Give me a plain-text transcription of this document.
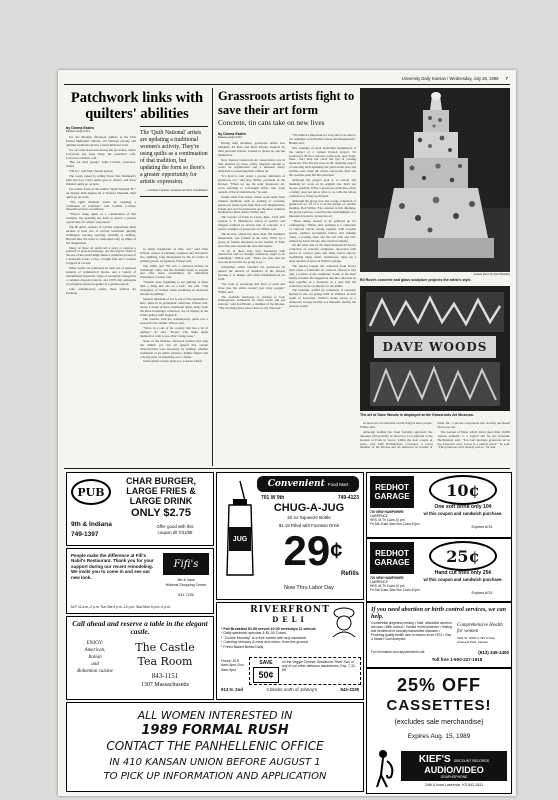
University Daily Kansan / Wednesday, July 26, 1989 7
Patchwork links with quilters' abilities
by Donna Eades
Kansan staff writer

For the Monday afternoon quilters at the First United Methodist Church, old Vermont piecing and quilting traditions survive a small Midwest town.

For all come down and discuss the procedure, where everybody has been lately, the preacher's wife, Lawrence resident, said.

"But we don't gossip," Edna Carlson, Lawrence, added.

"Oh no," said Mary Sutton agreed.

The rosary raised by selling Texas Star, Drunkard's Path and Log Cabin quilts goes to charity, and these finished quilts go on beds.

For textile artists of the exhibit "Quilt National '87," on display until August 20 at Spencer Museum, their quilts go on walls.

"The Quilt National artists are updating a continuum of tradition," said Cynthia Carlson, museum services coordinator.

"They're using quilts as a continuation of that tradition, but updating the form so there's a greater opportunity for artistic expression."

The 80 quilts, winners of a juried competition, must include at least two of several traditional quilting techniques: piecing, layering, stitching or stuffing. Beyond that, the artist is constrained only by limits of her imagination.

Many of these art quilts tell a story or express a political or personal message. An apocalyptic vision at the end of the world might mean a crumpled picture of a mountain scene, a face, a bright fish and a woman wrapped in a towel.

Other works are traditional in their use of repeated patterns of symmetrical blocks, and a variety of untraditional materials: strips of newsprint arranged in a complex diagonal pattern, and 2,976 tiny pentagons of plexiglass pressed together in a garden pattern.

Like contemporary artists, these quilters are breaking

The 'Quilt National' artists are updating a traditional women's activity. They're using quilts as a continuation of that tradition, but updating the form so there's a greater opportunity for artistic expression.
— Carissa Carlson, museum services coordinator

so many boundaries as they can," said Julie Wilson, curator of painting, sculpture and decorative arts. Quilting, long disregarded by the art world, is gaining greater recognition, Wilson said.

The 1960s and '70s saw a renewed interest in traditional crafts, and the medium began to expand and offer more possibilities for individual expression, Carlson said.

"Women were beginning to see quilting as more than a thing that sits on a bed," she said. "The resurgence of women artists paralleled an increased interest in quilting."

Spencer Museum of Art is one of five museums to have quilts in its permanent collection, Wilson said. About a dozen of these traditional quilts, many from the Rose Kretsinger collection, are on display in the White gallery until August 8.

The contrast with the contemporary quilts was a reason for the exhibit, Wilson said.

"We're in a part of the country that has a lot of quilters," he said. "People who make quilts themselves want to see what's being done."

None of the Monday afternoon quilters had seen the exhibit yet, but all agreed that certain characteristics were necessary for quilting, whether traditional or art quilts: patience, nimble fingers and a strong back for hunching over a frame.

Some artistic beauty helps too, Carlson added.

Grassroots artists fight to save their art form
Concrete, tin cans take on new lives
by Donna Eades
Kansan staff writer

During their lifetimes, grassroots artists Jess Marshall, Ed Root and Dave Woods, inspired by their personal visions, worked to please no one but themselves.

Now Kansas Grassroots Art Association was in turn inspired by these artists. Inspired enough to create an organization and a museum solely dedicated to preserving their offbeat art.

"It's hard to nail down a precise definition of grassroots art," said Roy Miller, president of the KGAA. "When we use the term 'grassroots' art, we're referring to self-taught artists who work outside of the art mainstream," he said.

Unlike other folk artists, whose work stems from cultural traditions such as quilting or weaving, grassroots artists work from their own imaginations. Found and recycled materials are the most common medium for these artists, Wilber said.

The Garden of Eden in Lucas, Kan., Civil War veteran S. P. Dinsmoor's vision of politics and religion sculpted in several tons of concrete, is a perfect example of grassroots art, Wilber said.

The KGAA, which has more than 150 members nationwide, was formed in the early 1970s by a group of friends interested in the Garden of Eden and other sites around the state and region.

"A lot of these sites were threatened with destruction and we thought somebody ought to do something," Wilber said. "There are sites that are lost and places that are going to go."

Sometimes called 'outsider' art, grassroots art piqued the interest of members of the KGAA because it is unique and often misunderstood art form.

"We want to encourage this kind of work and show that the artists weren't just crazy people," Wilber said.

The roadside landscape is starting to look homogenous, dominated by chain stores and gas stations," said Jon Blumb, a member of the KGAA. "The last thing these places have is any character."

"We think it's important for everyone to be able to see examples of individual vision and imagination," Blumb said.

One example of such individual imagination is the subject of a current KGAA project. Ed Galloway's 90-foot concrete totem pole, near Foyil, Okla., can't help but catch the eye of passing motorists. The KGAA took on the daunting project of restoring and repainting the giant totem pole and smaller ones when the artist's son-in-law died and the roadside park fell into disrepair.

Although the group's goal is to restore and maintain art work on its original site, that's not always possible. When a grassroots artist dies, often a family does not know what to do with the whole collection or it may be divided.

Although the group now has a large collection of grassroots art, all of it is in the garage of another member, Bob Wilber. The solution to this dilemma, the group believes, would be the establishment of a museum devoted to grassroots art.

"These things needed to be gathered up for safekeeping," Wilber said, pointing to a collection of concrete blocks strung together with wooden spools, painted rectangular bottles and walking canes, a rocking chair and the tall cane and bell, painted by Dave Woods, that stands in Oakley.

On the other side of the small museum Ed Root's collection of concrete sculptures, decorated with pieces of colored glass and other found objects, resembling many exotic tombstones, takes up a large amount of space in Wilber's garage.

The KGAA bought the collection from Root's heirs when a California art collector offered to buy only a portion of the sculptures. Some of the Root family includes the suggestion that the collection be kept together in a museum, in a spot that the collection can be on display for the public.

The museum, staffed by volunteers, is currently housed in the old garage built in Vinland, located south of Lawrence. Wilber's home serves as a temporary storage facility as a museum. Ideally, the artwork would

be moved to location that would bring in more people, Wilber said.

Although nothing has been formally approved, the museum will probably be moved to a lot adjacent to the Garden of Eden in Lucas, within the next couple of years, said John Hachmeister, Lawrence, a board member of the KGAA and art instructor in Garden of Eden, Inc., a private corporation that recently purchased the Lucas site.

The Garden of Eden, which draws more than 10,000 visitors annually, is a logical site for the museum, Hachmeister said. "You can't promote grassroots art in the Lawrence area. Lucas is a perfect place," he said. "The grassroots art it already sees is," he said.

Kansan photo by Steve Hundley
Ed Root's concrete and glass sculpture projects the artist's style.
DAVE WOODS
The art of Dave Woods is displayed at the Grassroots Art Museum.
PUB
CHAR BURGER,
LARGE FRIES &
LARGE DRINK
ONLY $2.75
9th & Indiana
749-1397
Offer good with this
coupon till 7/31/89
People make the difference at Fifi's Nabil's Restaurant. Thank you for your support during our recent remodeling. We invite you to come in and see our new look.
Fifi's
8th & Iowa
Hillcrest Shopping Center
841-7226
M-F 11 a.m.-2 p.m. Tue-Sat 5 p.m.-10 p.m. Sun-Mon 5 p.m.-9 p.m.
Call ahead and reserve a table in the elegant castle.
ENJOY:
American,
Italian
and
Bohemian cuisine
The Castle
Tea Room
843-1151
1307 Massachusetts
Convenient Food Mart
701 W 9th	749-4123
CHUG-A-JUG
32 oz Squeeze Bottle
$1.19 Filled with Fountain Drink
JUG 29¢
Refills
Now Thru Labor Day
RIVERFRONT
DELI
* Fall Breakfast $1.89 served 10:30 weekdays 11 w/ends
* Daily sandwich specials & $1.00 Cokes
* "Cookie Monday" is a free cookie with any sandwich
* Catering services & meal and menu, from the ground
* Fresh Baked Bread Daily
Hours: M-S 6am-9pm Sun. 9am-9pm
SAVE
50¢
on the Veggie Cheese, Bordalona, River Sub, or any of our other delicious sandwiches. Exp. 7-31-89
913 N. 2nd	4 blocks north of Johnny's	843-3338
REDHOT
GARAGE	10¢
One soft drink only 10¢
w/ this coupon and sandwich purchase.
720 NEW HAMPSHIRE
LAWRENCE
HRS. M-Th 11am-10 pm
Fri-Sat 11am-3am Sun 11am-10pm
Expires 8/31
REDHOT
GARAGE	25¢
Hand cut fries only 25¢
w/ this coupon and sandwich purchase.
720 NEW HAMPSHIRE
LAWRENCE
HRS. M-Th 11am-10 pm
Fri-Sat 11am-3am Sun 11am-10pm
Expires 8/31
If you need abortion or birth control services, we can help.
Confidential pregnancy testing • Safe, affordable abortion services • Birth control • Trained in first trimester • Testing and treatment for sexually transmitted diseases • Providing quality health care to women since 1974 • Visa & Master Card accepted
Comprehensive Health for women
4401 W. 109th (I-435 & Roe) Overland Park, Kansas
For information and appointments call	(913) 345-1400
Toll free 1-800-227-1918
ALL WOMEN INTERESTED IN
1989 FORMAL RUSH
CONTACT THE PANHELLENIC OFFICE
IN 410 KANSAN UNION BEFORE AUGUST 1
TO PICK UP INFORMATION AND APPLICATION
25% OFF
CASSETTES!
(excludes sale merchandise)
Expires Aug. 15, 1989
KIEF'S DISCOUNT RECORDS
AUDIO/VIDEO
GRAPHOPHONE
24th & Iowa Lawrence, KS 842-1811
